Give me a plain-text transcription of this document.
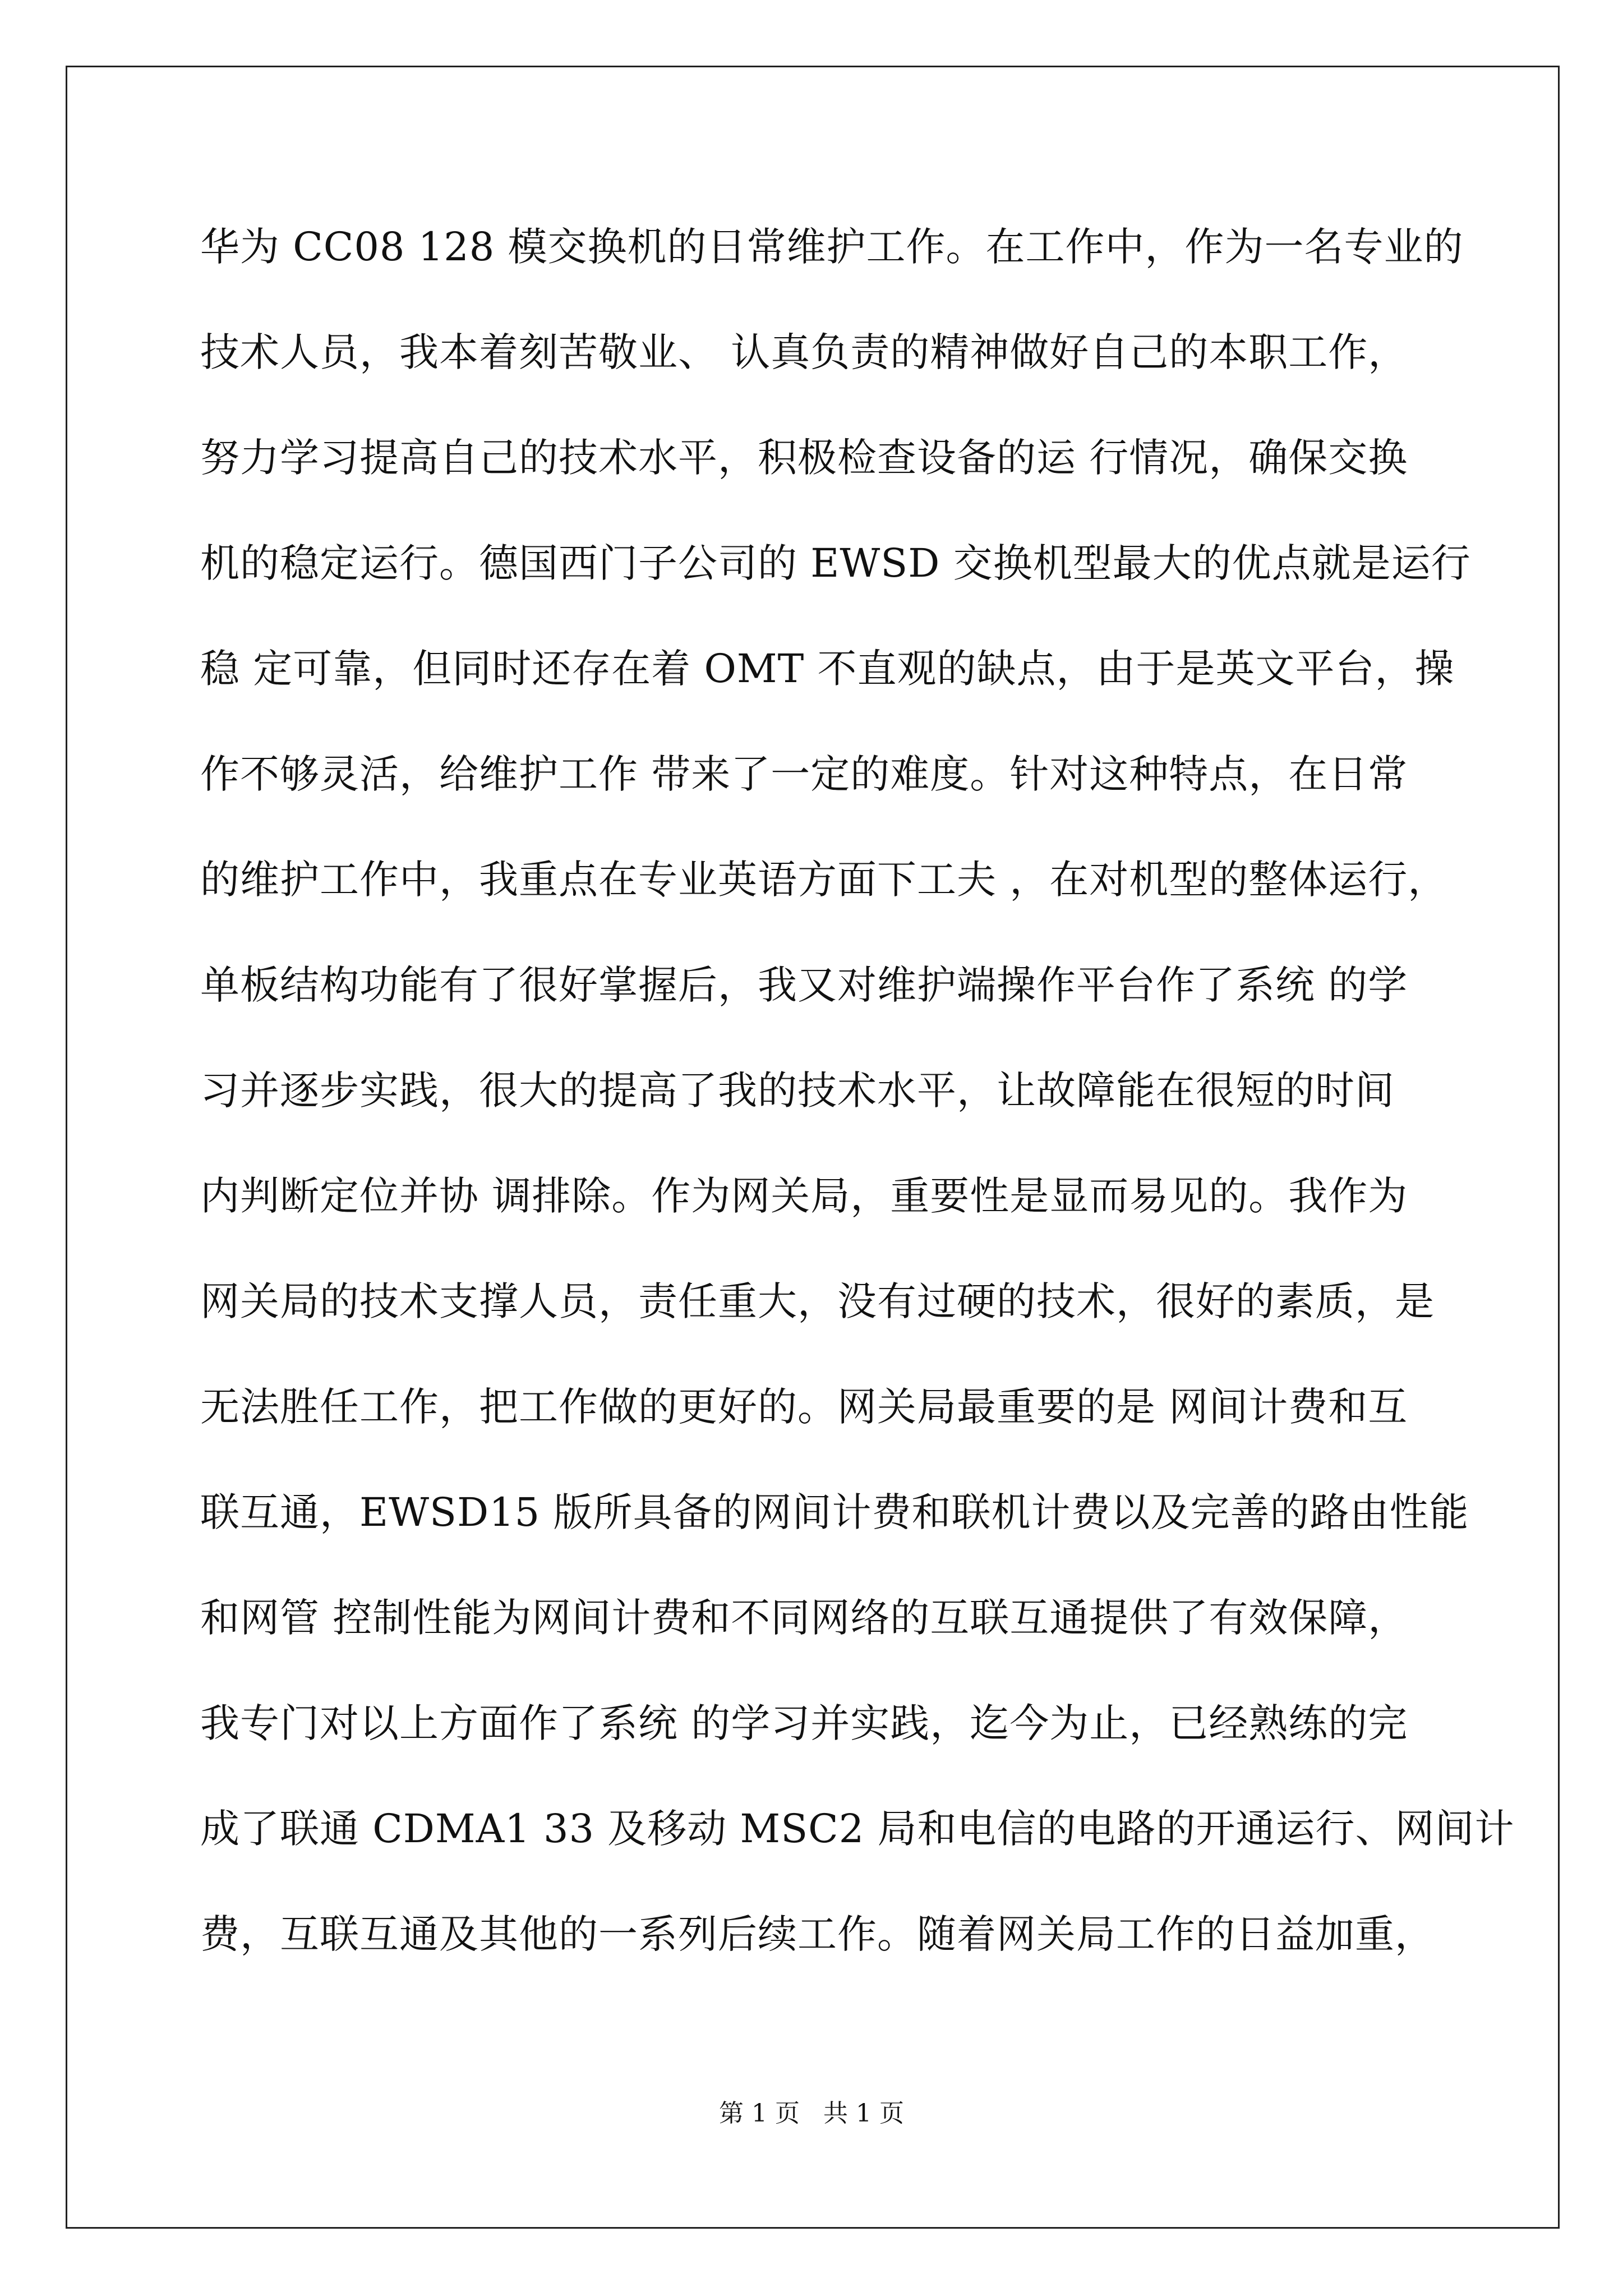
华为 CC08 128 模交换机的日常维护工作。在工作中，作为一名专业的
技术人员，我本着刻苦敬业、 认真负责的精神做好自己的本职工作，
努力学习提高自己的技术水平，积极检查设备的运 行情况，确保交换
机的稳定运行。德国西门子公司的 EWSD 交换机型最大的优点就是运行
稳 定可靠，但同时还存在着 OMT 不直观的缺点，由于是英文平台，操
作不够灵活，给维护工作 带来了一定的难度。针对这种特点，在日常
的维护工作中，我重点在专业英语方面下工夫 ，在对机型的整体运行，
单板结构功能有了很好掌握后，我又对维护端操作平台作了系统 的学
习并逐步实践，很大的提高了我的技术水平，让故障能在很短的时间
内判断定位并协 调排除。作为网关局，重要性是显而易见的。我作为
网关局的技术支撑人员，责任重大，没有过硬的技术，很好的素质，是
无法胜任工作，把工作做的更好的。网关局最重要的是 网间计费和互
联互通，EWSD15 版所具备的网间计费和联机计费以及完善的路由性能
和网管 控制性能为网间计费和不同网络的互联互通提供了有效保障，
我专门对以上方面作了系统 的学习并实践，迄今为止，已经熟练的完
成了联通 CDMA1 33 及移动 MSC2 局和电信的电路的开通运行、网间计
费，互联互通及其他的一系列后续工作。随着网关局工作的日益加重，
第 1 页   共 1 页
